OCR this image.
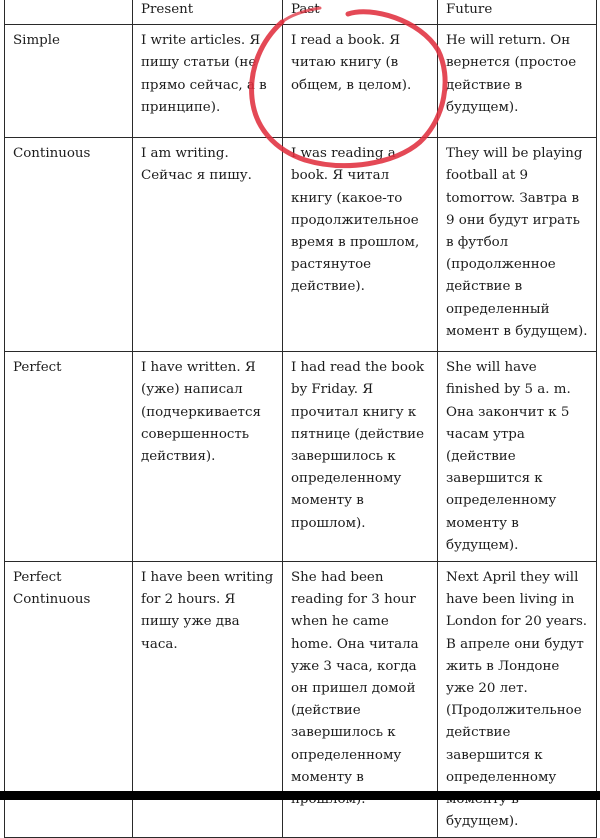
	Present	Past	Future
Simple	I write articles. Я пишу статьи (не прямо сейчас, а в принципе).	I read a book. Я читаю книгу (в общем, в целом).	He will return. Он вернется (простое действие в будущем).
Continuous	I am writing. Сейчас я пишу.	I was reading a book. Я читал книгу (какое-то продолжительное время в прошлом, растянутое действие).	They will be playing football at 9 tomorrow. Завтра в 9 они будут играть в футбол (продолженное действие в определенный момент в будущем).
Perfect	I have written. Я (уже) написал (подчеркивается совершенность действия).	I had read the book by Friday. Я прочитал книгу к пятнице (действие завершилось к определенному моменту в прошлом).	She will have finished by 5 a. m. Она закончит к 5 часам утра (действие завершится к определенному моменту в будущем).
Perfect Continuous	I have been writing for 2 hours. Я пишу уже два часа.	She had been reading for 3 hour when he came home. Она читала уже 3 часа, когда он пришел домой (действие завершилось к определенному моменту в	Next April they will have been living in London for 20 years. В апреле они будут жить в Лондоне уже 20 лет. (Продолжительное действие завершится к определенному будущем).
